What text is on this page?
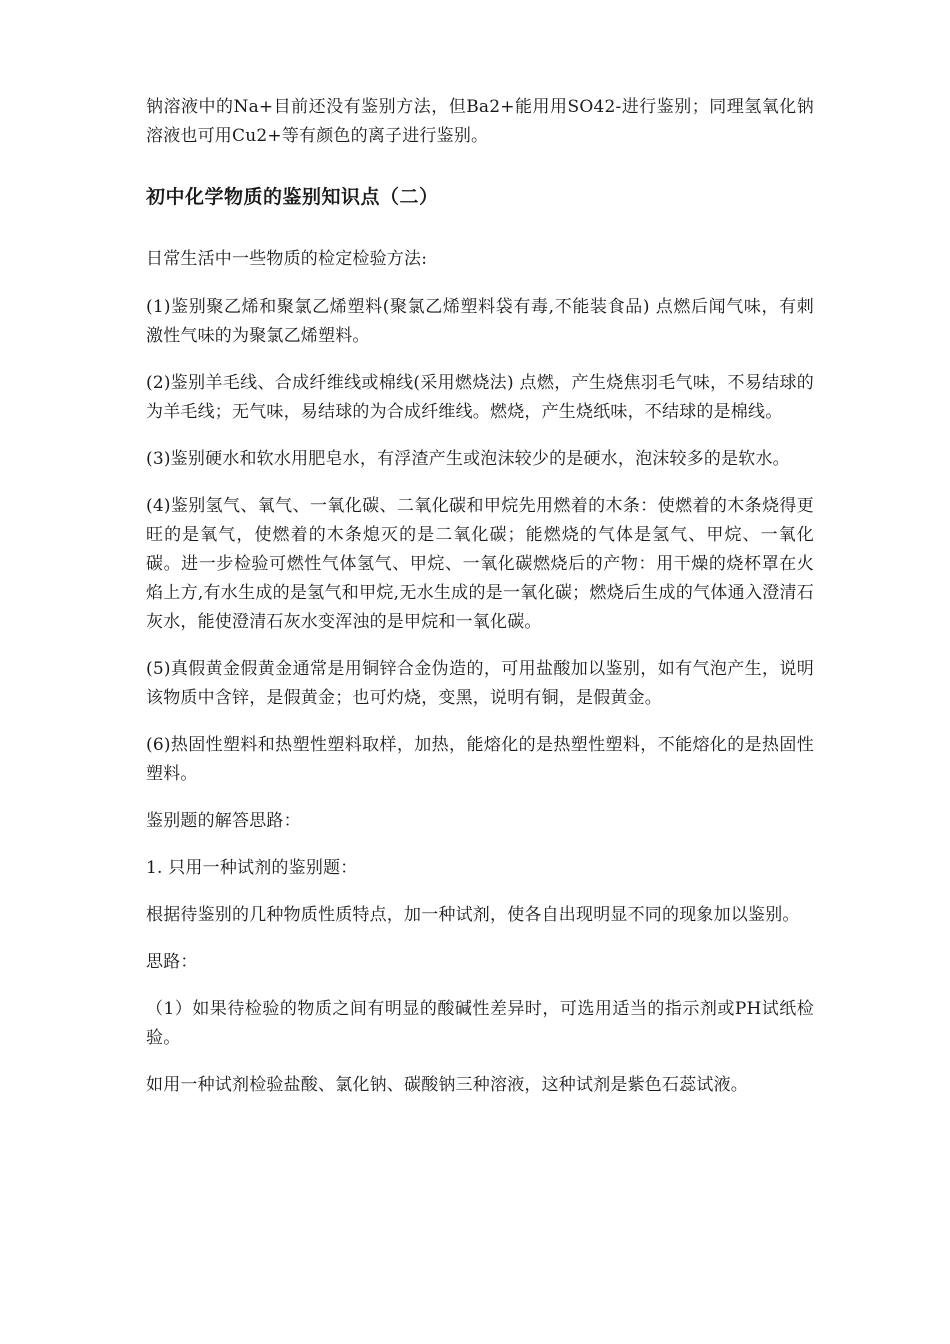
钠溶液中的Na+目前还没有鉴别方法，但Ba2+能用用SO42-进行鉴别；同理氢氧化钠溶液也可用Cu2+等有颜色的离子进行鉴别。

初中化学物质的鉴别知识点（二）

日常生活中一些物质的检定检验方法:

(1)鉴别聚乙烯和聚氯乙烯塑料(聚氯乙烯塑料袋有毒,不能装食品) 点燃后闻气味，有刺激性气味的为聚氯乙烯塑料。

(2)鉴别羊毛线、合成纤维线或棉线(采用燃烧法) 点燃，产生烧焦羽毛气味，不易结球的为羊毛线；无气味，易结球的为合成纤维线。燃烧，产生烧纸味，不结球的是棉线。

(3)鉴别硬水和软水用肥皂水，有浮渣产生或泡沫较少的是硬水，泡沫较多的是软水。

(4)鉴别氢气、氧气、一氧化碳、二氧化碳和甲烷先用燃着的木条：使燃着的木条烧得更旺的是氧气，使燃着的木条熄灭的是二氧化碳；能燃烧的气体是氢气、甲烷、一氧化碳。进一步检验可燃性气体氢气、甲烷、一氧化碳燃烧后的产物：用干燥的烧杯罩在火焰上方,有水生成的是氢气和甲烷,无水生成的是一氧化碳；燃烧后生成的气体通入澄清石灰水，能使澄清石灰水变浑浊的是甲烷和一氧化碳。

(5)真假黄金假黄金通常是用铜锌合金伪造的，可用盐酸加以鉴别，如有气泡产生，说明该物质中含锌，是假黄金；也可灼烧，变黑，说明有铜，是假黄金。

(6)热固性塑料和热塑性塑料取样，加热，能熔化的是热塑性塑料，不能熔化的是热固性塑料。

鉴别题的解答思路：

1. 只用一种试剂的鉴别题：

根据待鉴别的几种物质性质特点，加一种试剂，使各自出现明显不同的现象加以鉴别。

思路：

（1）如果待检验的物质之间有明显的酸碱性差异时，可选用适当的指示剂或PH试纸检验。

如用一种试剂检验盐酸、氯化钠、碳酸钠三种溶液，这种试剂是紫色石蕊试液。
